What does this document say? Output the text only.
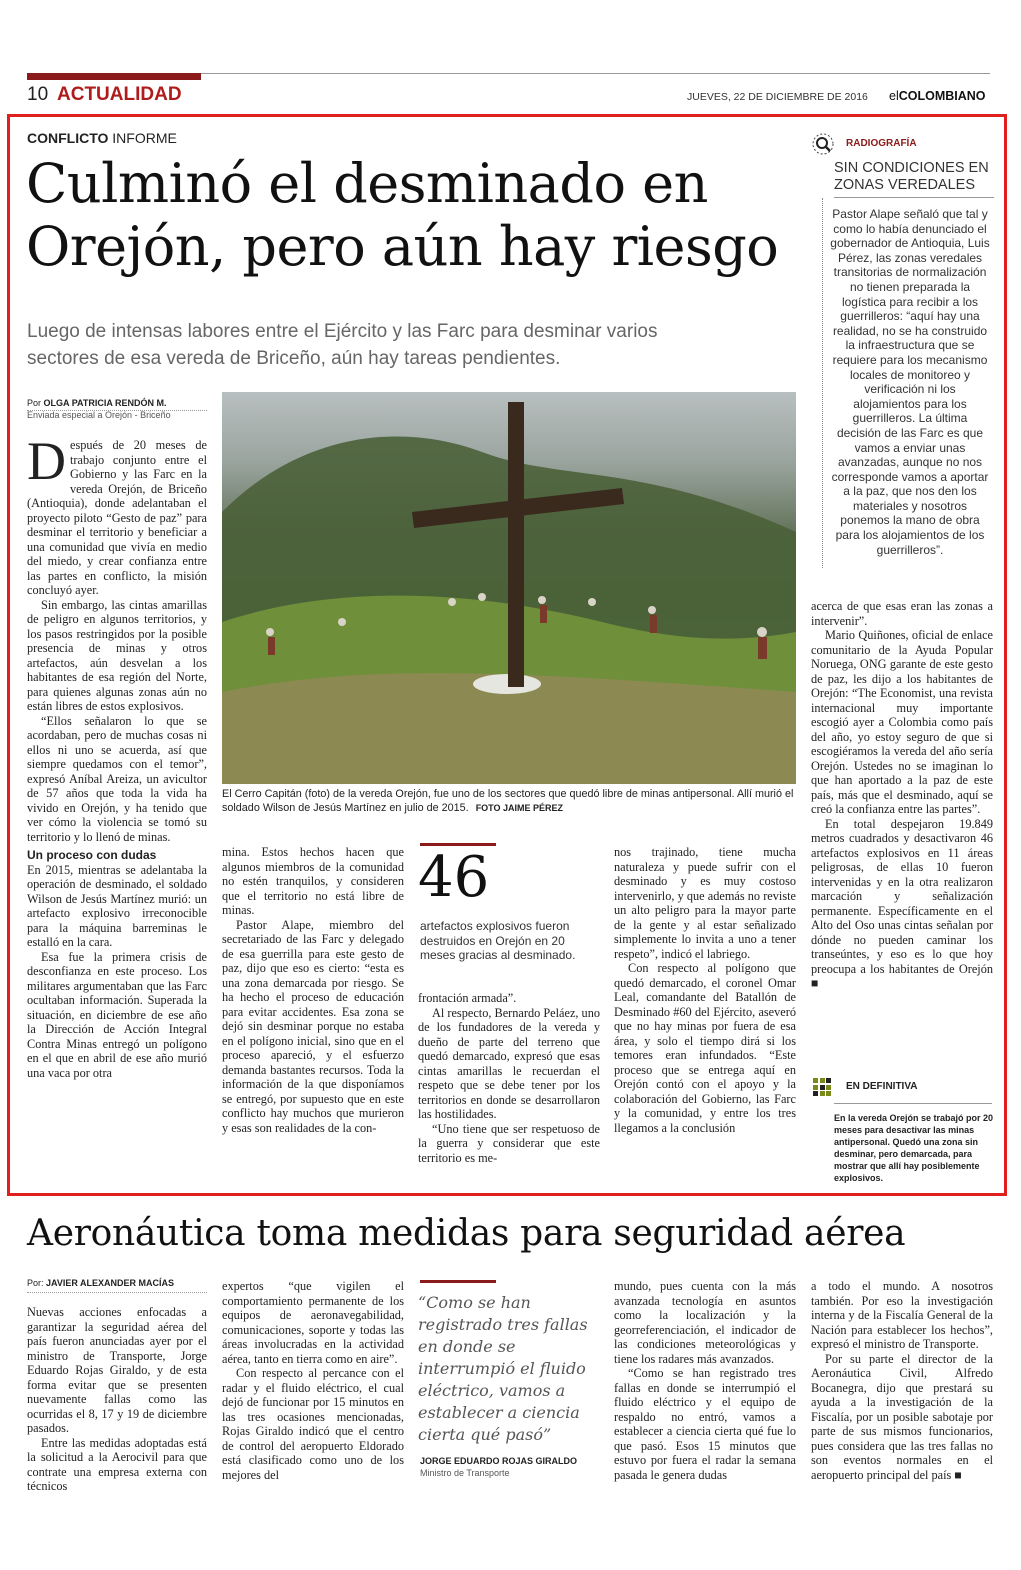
10 ACTUALIDAD	JUEVES, 22 DE DICIEMBRE DE 2016 elCOLOMBIANO
CONFLICTO INFORME
Culminó el desminado en
Orejón, pero aún hay riesgo
Luego de intensas labores entre el Ejército y las Farc para desminar varios
sectores de esa vereda de Briceño, aún hay tareas pendientes.
Por OLGA PATRICIA RENDÓN M.
Enviada especial a Orejón - Briceño
El Cerro Capitán (foto) de la vereda Orejón, fue uno de los sectores que quedó libre de minas antipersonal. Allí murió el soldado Wilson de Jesús Martínez en julio de 2015. FOTO JAIME PÉREZ
D espués de 20 meses de trabajo conjunto entre el Gobierno y las Farc en la vereda Orejón, de Briceño (Antioquia), donde adelantaban el proyecto piloto “Gesto de paz” para desminar el territorio y beneficiar a una comunidad que vivía en medio del miedo, y crear confianza entre las partes en conflicto, la misión concluyó ayer.

Sin embargo, las cintas amarillas de peligro en algunos territorios, y los pasos restringidos por la posible presencia de minas y otros artefactos, aún desvelan a los habitantes de esa región del Norte, para quienes algunas zonas aún no están libres de estos explosivos.

“Ellos señalaron lo que se acordaban, pero de muchas cosas ni ellos ni uno se acuerda, así que siempre quedamos con el temor”, expresó Aníbal Areiza, un avicultor de 57 años que toda la vida ha vivido en Orejón, y ha tenido que ver cómo la violencia se tomó su territorio y lo llenó de minas.

Un proceso con dudas

En 2015, mientras se adelantaba la operación de desminado, el soldado Wilson de Jesús Martínez murió: un artefacto explosivo irreconocible para la máquina barreminas le estalló en la cara.

Esa fue la primera crisis de desconfianza en este proceso. Los militares argumentaban que las Farc ocultaban información. Superada la situación, en diciembre de ese año la Dirección de Acción Integral Contra Minas entregó un polígono en el que en abril de ese año murió una vaca por otra

mina. Estos hechos hacen que algunos miembros de la comunidad no estén tranquilos, y consideren que el territorio no está libre de minas.

Pastor Alape, miembro del secretariado de las Farc y delegado de esa guerrilla para este gesto de paz, dijo que eso es cierto: “esta es una zona demarcada por riesgo. Se ha hecho el proceso de educación para evitar accidentes. Esa zona se dejó sin desminar porque no estaba en el polígono inicial, sino que en el proceso apareció, y el esfuerzo demanda bastantes recursos. Toda la información de la que disponíamos se entregó, por supuesto que en este conflicto hay muchos que murieron y esas son realidades de la con-

46
artefactos explosivos fueron destruidos en Orejón en 20 meses gracias al desminado.

frontación armada”.

Al respecto, Bernardo Peláez, uno de los fundadores de la vereda y dueño de parte del terreno que quedó demarcado, expresó que esas cintas amarillas le recuerdan el respeto que se debe tener por los territorios en donde se desarrollaron las hostilidades.

“Uno tiene que ser respetuoso de la guerra y considerar que este territorio es me-

nos trajinado, tiene mucha naturaleza y puede sufrir con el desminado y es muy costoso intervenirlo, y que además no reviste un alto peligro para la mayor parte de la gente y al estar señalizado simplemente lo invita a uno a tener respeto”, indicó el labriego.

Con respecto al polígono que quedó demarcado, el coronel Omar Leal, comandante del Batallón de Desminado #60 del Ejército, aseveró que no hay minas por fuera de esa área, y solo el tiempo dirá si los temores eran infundados. “Este proceso que se entrega aquí en Orejón contó con el apoyo y la colaboración del Gobierno, las Farc y la comunidad, y entre los tres llegamos a la conclusión

acerca de que esas eran las zonas a intervenir”.

Mario Quiñones, oficial de enlace comunitario de la Ayuda Popular Noruega, ONG garante de este gesto de paz, les dijo a los habitantes de Orejón: “The Economist, una revista internacional muy importante escogió ayer a Colombia como país del año, yo estoy seguro de que si escogiéramos la vereda del año sería Orejón. Ustedes no se imaginan lo que han aportado a la paz de este país, más que el desminado, aquí se creó la confianza entre las partes”.

En total despejaron 19.849 metros cuadrados y desactivaron 46 artefactos explosivos en 11 áreas peligrosas, de ellas 10 fueron intervenidas y en la otra realizaron marcación y señalización permanente. Específicamente en el Alto del Oso unas cintas señalan por dónde no pueden caminar los transeúntes, y eso es lo que hoy preocupa a los habitantes de Orejón ■

RADIOGRAFÍA
SIN CONDICIONES EN ZONAS VEREDALES
Pastor Alape señaló que tal y como lo había denunciado el gobernador de Antioquia, Luis Pérez, las zonas veredales transitorias de normalización no tienen preparada la logística para recibir a los guerrilleros: “aquí hay una realidad, no se ha construido la infraestructura que se requiere para los mecanismo locales de monitoreo y verificación ni los alojamientos para los guerrilleros. La última decisión de las Farc es que vamos a enviar unas avanzadas, aunque no nos corresponde vamos a aportar a la paz, que nos den los materiales y nosotros ponemos la mano de obra para los alojamientos de los guerrilleros”.
EN DEFINITIVA
En la vereda Orejón se trabajó por 20 meses para desactivar las minas antipersonal. Quedó una zona sin desminar, pero demarcada, para mostrar que allí hay posiblemente explosivos.
Aeronáutica toma medidas para seguridad aérea
Por: JAVIER ALEXANDER MACÍAS

Nuevas acciones enfocadas a garantizar la seguridad aérea del país fueron anunciadas ayer por el ministro de Transporte, Jorge Eduardo Rojas Giraldo, y de esta forma evitar que se presenten nuevamente fallas como las ocurridas el 8, 17 y 19 de diciembre pasados.

Entre las medidas adoptadas está la solicitud a la Aerocivil para que contrate una empresa externa con técnicos

expertos “que vigilen el comportamiento permanente de los equipos de aeronavegabilidad, comunicaciones, soporte y todas las áreas involucradas en la actividad aérea, tanto en tierra como en aire”.

Con respecto al percance con el radar y el fluido eléctrico, el cual dejó de funcionar por 15 minutos en las tres ocasiones mencionadas, Rojas Giraldo indicó que el centro de control del aeropuerto Eldorado está clasificado como uno de los mejores del

“Como se han registrado tres fallas en donde se interrumpió el fluido eléctrico, vamos a establecer a ciencia cierta qué pasó”
JORGE EDUARDO ROJAS GIRALDO
Ministro de Transporte

mundo, pues cuenta con la más avanzada tecnología en asuntos como la localización y la georreferenciación, el indicador de las condiciones meteorológicas y tiene los radares más avanzados.

“Como se han registrado tres fallas en donde se interrumpió el fluido eléctrico y el equipo de respaldo no entró, vamos a establecer a ciencia cierta qué fue lo que pasó. Esos 15 minutos que estuvo por fuera el radar la semana pasada le genera dudas

a todo el mundo. A nosotros también. Por eso la investigación interna y de la Fiscalía General de la Nación para establecer los hechos”, expresó el ministro de Transporte.

Por su parte el director de la Aeronáutica Civil, Alfredo Bocanegra, dijo que prestará su ayuda a la investigación de la Fiscalía, por un posible sabotaje por parte de sus mismos funcionarios, pues considera que las tres fallas no son eventos normales en el aeropuerto principal del país ■
